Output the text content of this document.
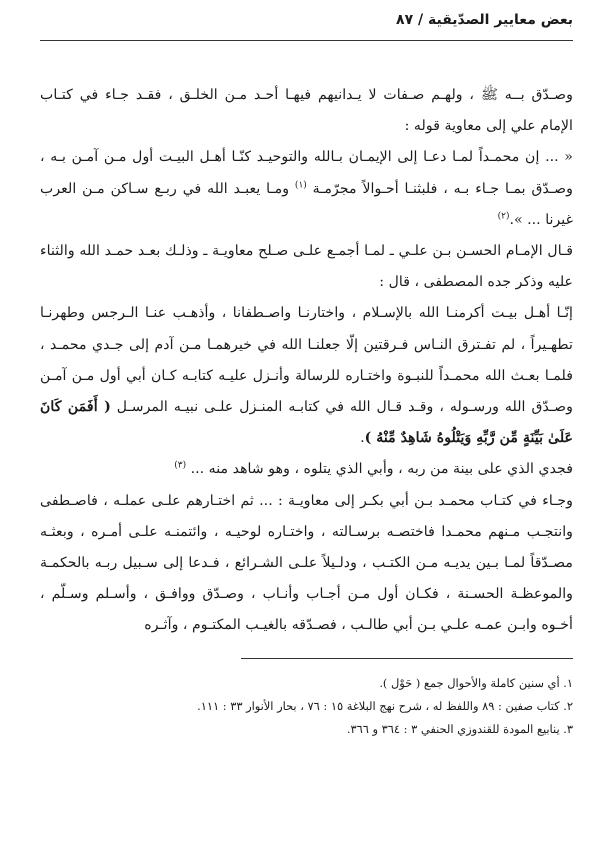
بعض معايير الصدّيقية / ٨٧

وصـدّق بــه ﷺ ، ولهـم صـفات لا يـدانيهم فيهـا أحـد مـن الخلـق ، فقـد جـاء في كتـاب الإمام علي إلى معاوية قوله :

« ... إن محمـداً لمـا دعـا إلى الإيمـان بـالله والتوحيـد كنّـا أهـل البيـت أول مـن آمـن بـه ، وصـدّق بمـا جـاء بـه ، فلبثنـا أحـوالاً مجرّمـة $^{(١)}$ ومـا يعبـد الله في ربـع سـاكن مـن العرب غيرنا ... ».$^{(٢)}$

قـال الإمـام الحسـن بـن علـي ـ لمـا أجمـع علـى صـلح معاويـة ـ وذلـك بعـد حمـد الله والثناء عليه وذكر جده المصطفى ، قال :

إنّـا أهـل بيـت أكرمنـا الله بالإسـلام ، واختارنـا واصـطفانا ، وأذهـب عنـا الـرجس وطهرنـا تطهـيراً ، لم تفـترق النـاس فـرقتين إلّا جعلنـا الله في خيرهمـا مـن آدم إلى جـدي محمـد ، فلمـا بعـث الله محمـداً للنبـوة واختـاره للرسالة وأنـزل عليـه كتابـه كـان أبي أول مـن آمـن وصـدّق الله ورسـوله ، وقـد قـال الله في كتابـه المنـزل علـى نبيـه المرسـل ( أَفَمَن كَانَ عَلَىٰ بَيِّنَةٍ مِّن رَّبِّهِ وَيَتْلُوهُ شَاهِدٌ مِّنْهُ ).

فجدي الذي على بينة من ربه ، وأبي الذي يتلوه ، وهو شاهد منه ... $^{(٣)}$

وجـاء في كتـاب محمـد بـن أبي بكـر إلى معاويـة : ... ثم اختـارهم علـى عملـه ، فاصـطفى وانتجـب مـنهم محمـدا فاختصـه برسـالته ، واختـاره لوحيـه ، وائتمنـه علـى أمـره ، وبعثـه مصـدّقاً لمـا بـين يديـه مـن الكتـب ، ودلـيلاً علـى الشـرائع ، فـدعا إلى سـبيل ربـه بالحكمـة والموعظـة الحسـنة ، فكـان أول مـن أجـاب وأنـاب ، وصـدّق ووافـق ، وأسـلم وسـلّم ، أخـوه وابـن عمـه علـي بـن أبي طالـب ، فصـدّقه بالغيـب المكتـوم ، وآثـره

١. أي سنين كاملة والأحوال جمع ( حَوْل ).
٢. كتاب صفين : ٨٩ واللفظ له ، شرح نهج البلاغة ١٥ : ٧٦ ، بحار الأنوار ٣٣ : ١١١.
٣. ينابيع المودة للقندوزي الحنفي ٣ : ٣٦٤ و ٣٦٦.
